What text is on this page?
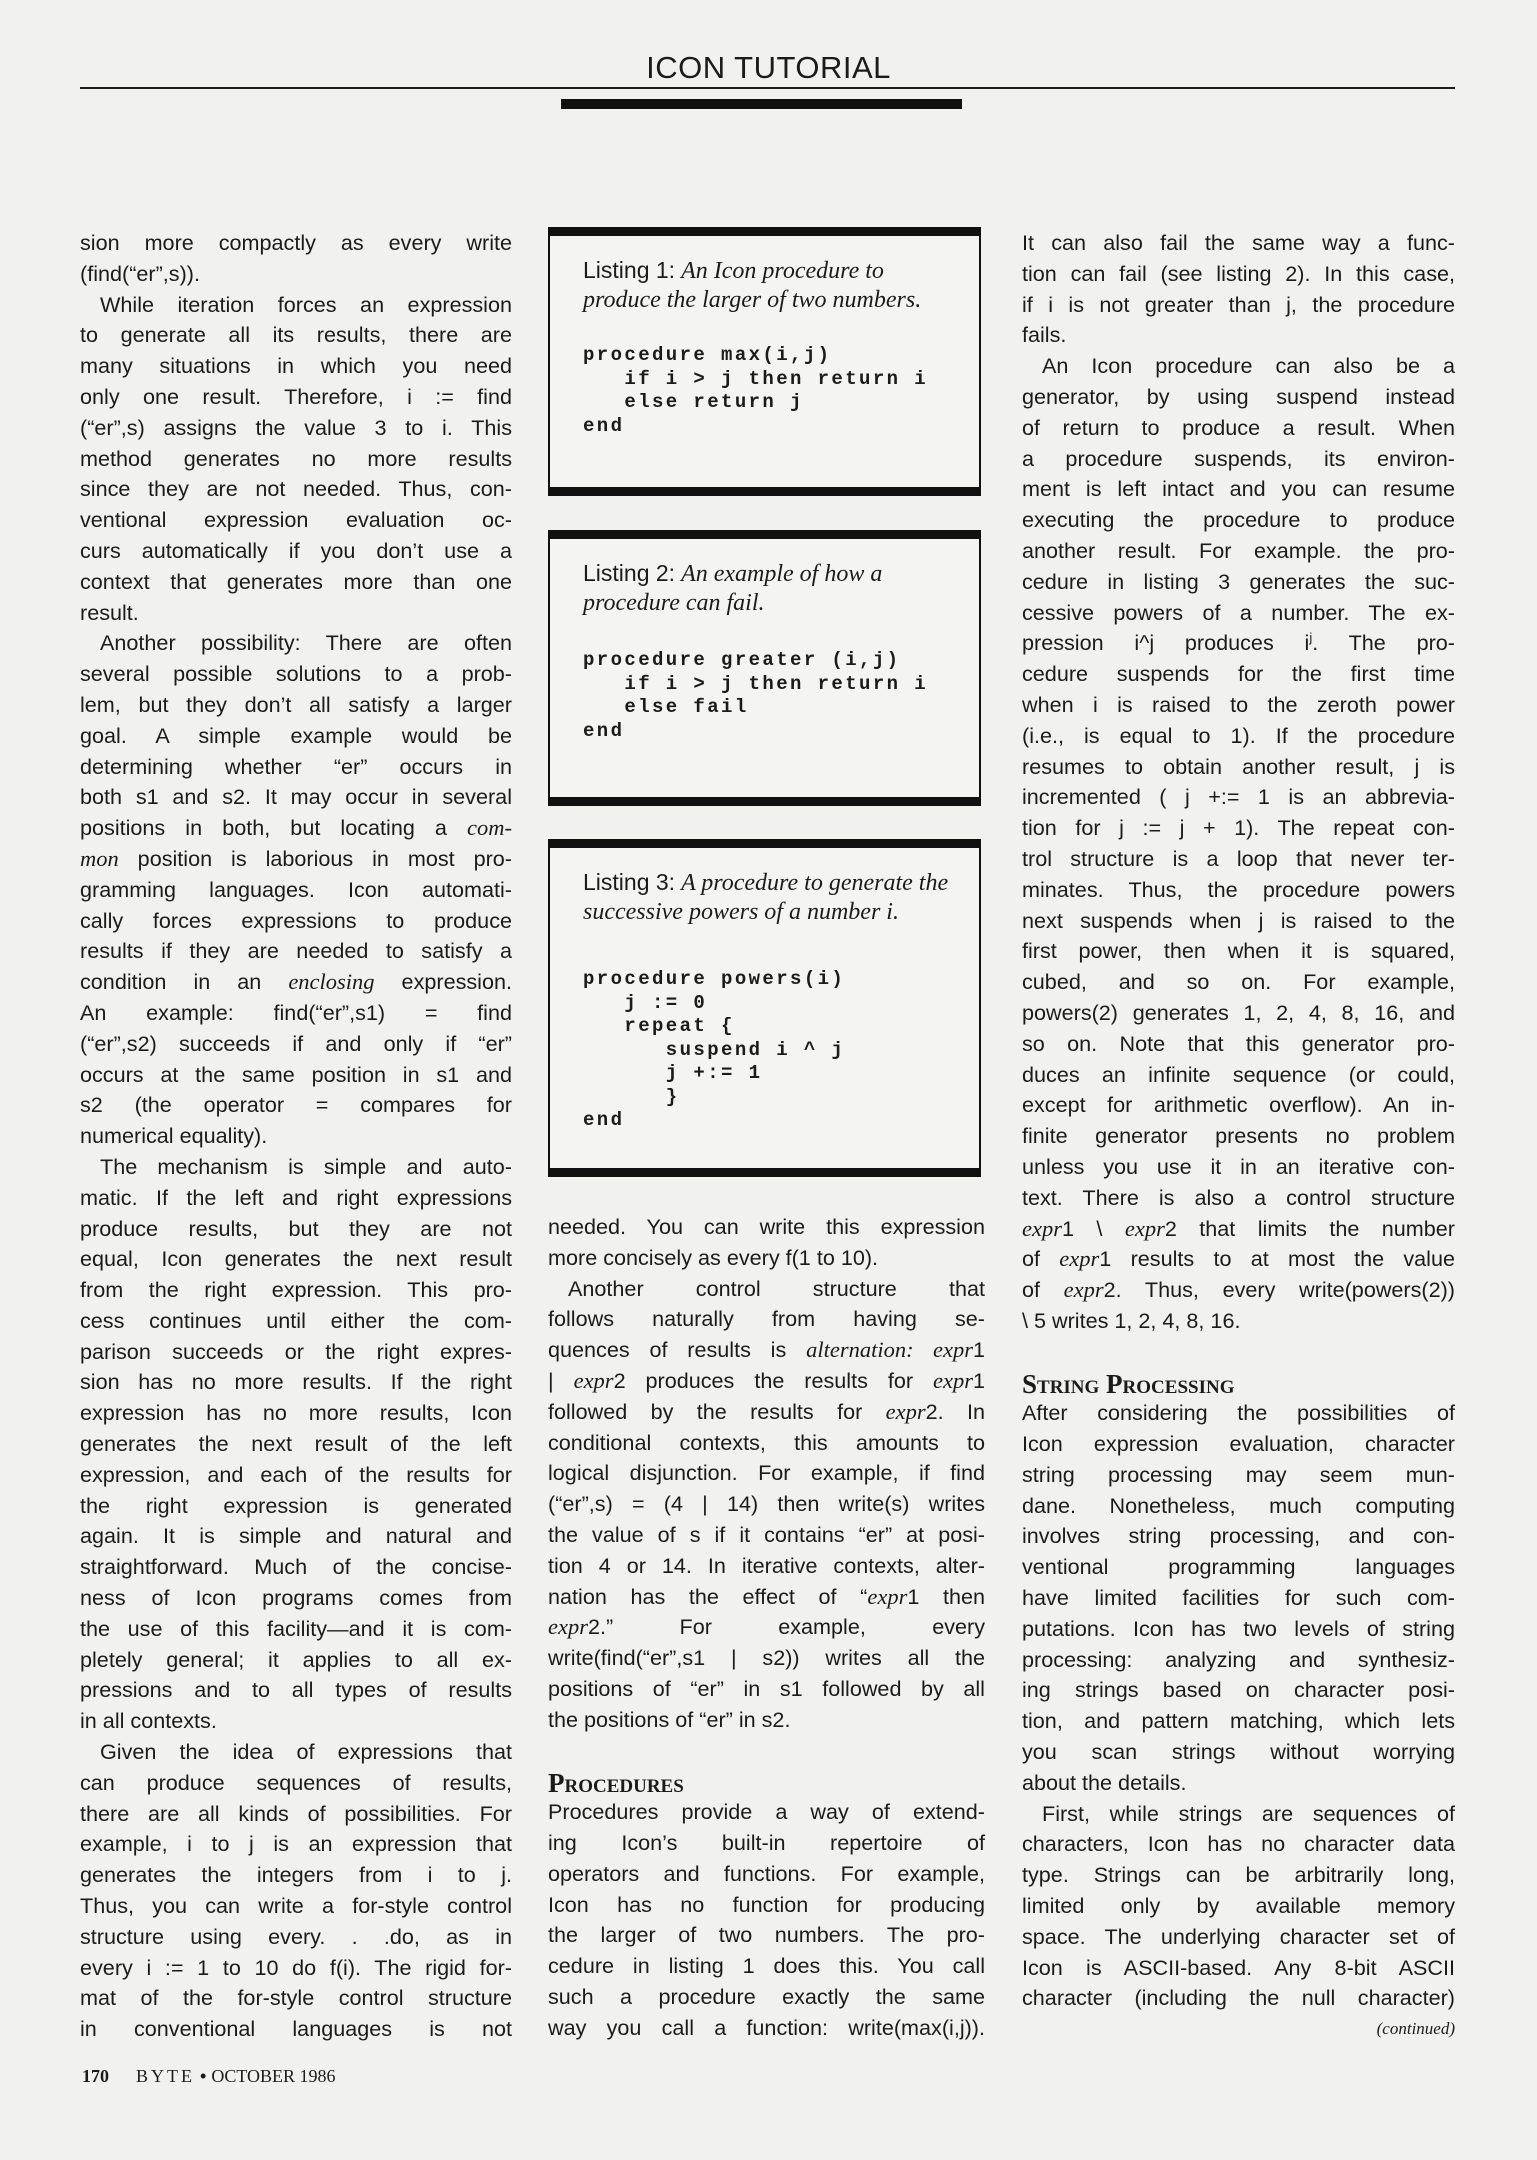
ICON TUTORIAL
sion more compactly as every write
(find(“er”,s)).
While iteration forces an expression
to generate all its results, there are
many situations in which you need
only one result. Therefore, i := find
(“er”,s) assigns the value 3 to i. This
method generates no more results
since they are not needed. Thus, con-
ventional expression evaluation oc-
curs automatically if you don’t use a
context that generates more than one
result.
Another possibility: There are often
several possible solutions to a prob-
lem, but they don’t all satisfy a larger
goal. A simple example would be
determining whether “er” occurs in
both s1 and s2. It may occur in several
positions in both, but locating a com-
mon position is laborious in most pro-
gramming languages. Icon automati-
cally forces expressions to produce
results if they are needed to satisfy a
condition in an enclosing expression.
An example: find(“er”,s1) = find
(“er”,s2) succeeds if and only if “er”
occurs at the same position in s1 and
s2 (the operator = compares for
numerical equality).
The mechanism is simple and auto-
matic. If the left and right expressions
produce results, but they are not
equal, Icon generates the next result
from the right expression. This pro-
cess continues until either the com-
parison succeeds or the right expres-
sion has no more results. If the right
expression has no more results, Icon
generates the next result of the left
expression, and each of the results for
the right expression is generated
again. It is simple and natural and
straightforward. Much of the concise-
ness of Icon programs comes from
the use of this facility—and it is com-
pletely general; it applies to all ex-
pressions and to all types of results
in all contexts.
Given the idea of expressions that
can produce sequences of results,
there are all kinds of possibilities. For
example, i to j is an expression that
generates the integers from i to j.
Thus, you can write a for-style control
structure using every. . .do, as in
every i := 1 to 10 do f(i). The rigid for-
mat of the for-style control structure
in conventional languages is not
Listing 1: An Icon procedure to produce the larger of two numbers.
procedure max(i,j)
if i > j then return i
else return j
end
Listing 2: An example of how a procedure can fail.
procedure greater (i,j)
if i > j then return i
else fail
end
Listing 3: A procedure to generate the successive powers of a number i.
procedure powers(i)
j := 0
repeat {
suspend i ^ j
j +:= 1
}
end
needed. You can write this expression
more concisely as every f(1 to 10).
Another control structure that
follows naturally from having se-
quences of results is alternation: expr1
| expr2 produces the results for expr1
followed by the results for expr2. In
conditional contexts, this amounts to
logical disjunction. For example, if find
(“er”,s) = (4 | 14) then write(s) writes
the value of s if it contains “er” at posi-
tion 4 or 14. In iterative contexts, alter-
nation has the effect of “expr1 then
expr2.” For example, every
write(find(“er”,s1 | s2)) writes all the
positions of “er” in s1 followed by all
the positions of “er” in s2.
Procedures
Procedures provide a way of extend-
ing Icon’s built-in repertoire of
operators and functions. For example,
Icon has no function for producing
the larger of two numbers. The pro-
cedure in listing 1 does this. You call
such a procedure exactly the same
way you call a function: write(max(i,j)).
It can also fail the same way a func-
tion can fail (see listing 2). In this case,
if i is not greater than j, the procedure
fails.
An Icon procedure can also be a
generator, by using suspend instead
of return to produce a result. When
a procedure suspends, its environ-
ment is left intact and you can resume
executing the procedure to produce
another result. For example. the pro-
cedure in listing 3 generates the suc-
cessive powers of a number. The ex-
pression i^j produces $i^j$. The pro-
cedure suspends for the first time
when i is raised to the zeroth power
(i.e., is equal to 1). If the procedure
resumes to obtain another result, j is
incremented ( j +:= 1 is an abbrevia-
tion for j := j + 1). The repeat con-
trol structure is a loop that never ter-
minates. Thus, the procedure powers
next suspends when j is raised to the
first power, then when it is squared,
cubed, and so on. For example,
powers(2) generates 1, 2, 4, 8, 16, and
so on. Note that this generator pro-
duces an infinite sequence (or could,
except for arithmetic overflow). An in-
finite generator presents no problem
unless you use it in an iterative con-
text. There is also a control structure
expr1 \ expr2 that limits the number
of expr1 results to at most the value
of expr2. Thus, every write(powers(2))
\ 5 writes 1, 2, 4, 8, 16.
String Processing
After considering the possibilities of
Icon expression evaluation, character
string processing may seem mun-
dane. Nonetheless, much computing
involves string processing, and con-
ventional programming languages
have limited facilities for such com-
putations. Icon has two levels of string
processing: analyzing and synthesiz-
ing strings based on character posi-
tion, and pattern matching, which lets
you scan strings without worrying
about the details.
First, while strings are sequences of
characters, Icon has no character data
type. Strings can be arbitrarily long,
limited only by available memory
space. The underlying character set of
Icon is ASCII-based. Any 8-bit ASCII
character (including the null character)
(continued)
170 BYTE • OCTOBER 1986
